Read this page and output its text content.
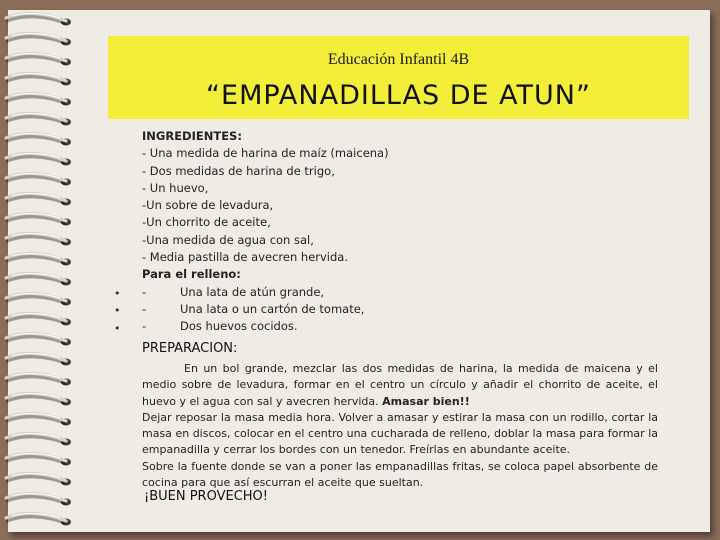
Educación Infantil 4B
“EMPANADILLAS DE ATUN”
•
•
•
INGREDIENTES:
- Una medida de harina de maíz (maicena)
- Dos medidas de harina de trigo,
- Un huevo,
-Un sobre de levadura,
-Un chorrito de aceite,
-Una medida de agua con sal,
- Media pastilla de avecren hervida.
Para el relleno:
-	Una lata de atún grande,
-	Una lata o un cartón de tomate,
-	Dos huevos cocidos.
PREPARACION:

En un bol grande, mezclar las dos medidas de harina, la medida de maicena y el medio sobre de levadura, formar en el centro un círculo y añadir el chorrito de aceite, el huevo y el agua con sal y avecren hervida. Amasar bien!!

Dejar reposar la masa media hora. Volver a amasar y estirar la masa con un rodillo, cortar la masa en discos, colocar en el centro una cucharada de relleno, doblar la masa para formar la empanadilla y cerrar los bordes con un tenedor. Freírlas en abundante aceite.

Sobre la fuente donde se van a poner las empanadillas fritas, se coloca papel absorbente de cocina para que así escurran el aceite que sueltan.

¡BUEN PROVECHO!
